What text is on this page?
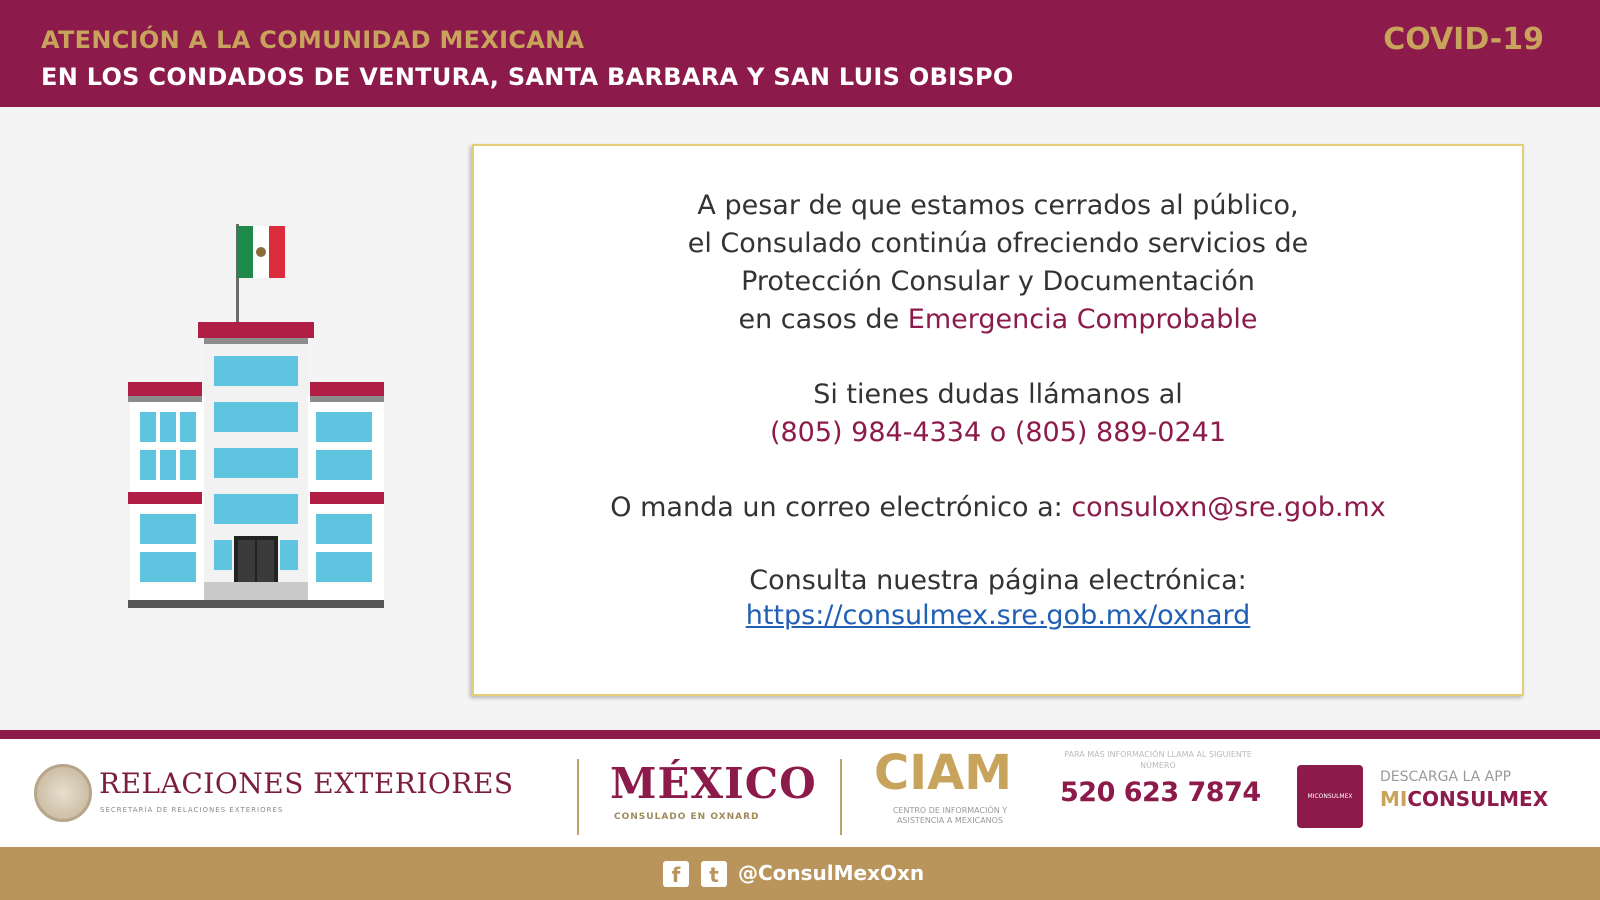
ATENCIÓN A LA COMUNIDAD MEXICANA
EN LOS CONDADOS DE VENTURA, SANTA BARBARA Y SAN LUIS OBISPO
COVID-19
A pesar de que estamos cerrados al público,
el Consulado continúa ofreciendo servicios de
Protección Consular y Documentación
en casos de Emergencia Comprobable
Si tienes dudas llámanos al
(805) 984-4334 o (805) 889-0241
O manda un correo electrónico a: consuloxn@sre.gob.mx
Consulta nuestra página electrónica:
https://consulmex.sre.gob.mx/oxnard
RELACIONES EXTERIORES
SECRETARÍA DE RELACIONES EXTERIORES
MÉXICO
CONSULADO EN OXNARD
CIAM
CENTRO DE INFORMACIÓN Y ASISTENCIA A MEXICANOS
PARA MÁS INFORMACIÓN LLAMA AL SIGUIENTE NÚMERO
520 623 7874	MICONSULMEX
DESCARGA LA APP
MICONSULMEX
f	t @ConsulMexOxn
